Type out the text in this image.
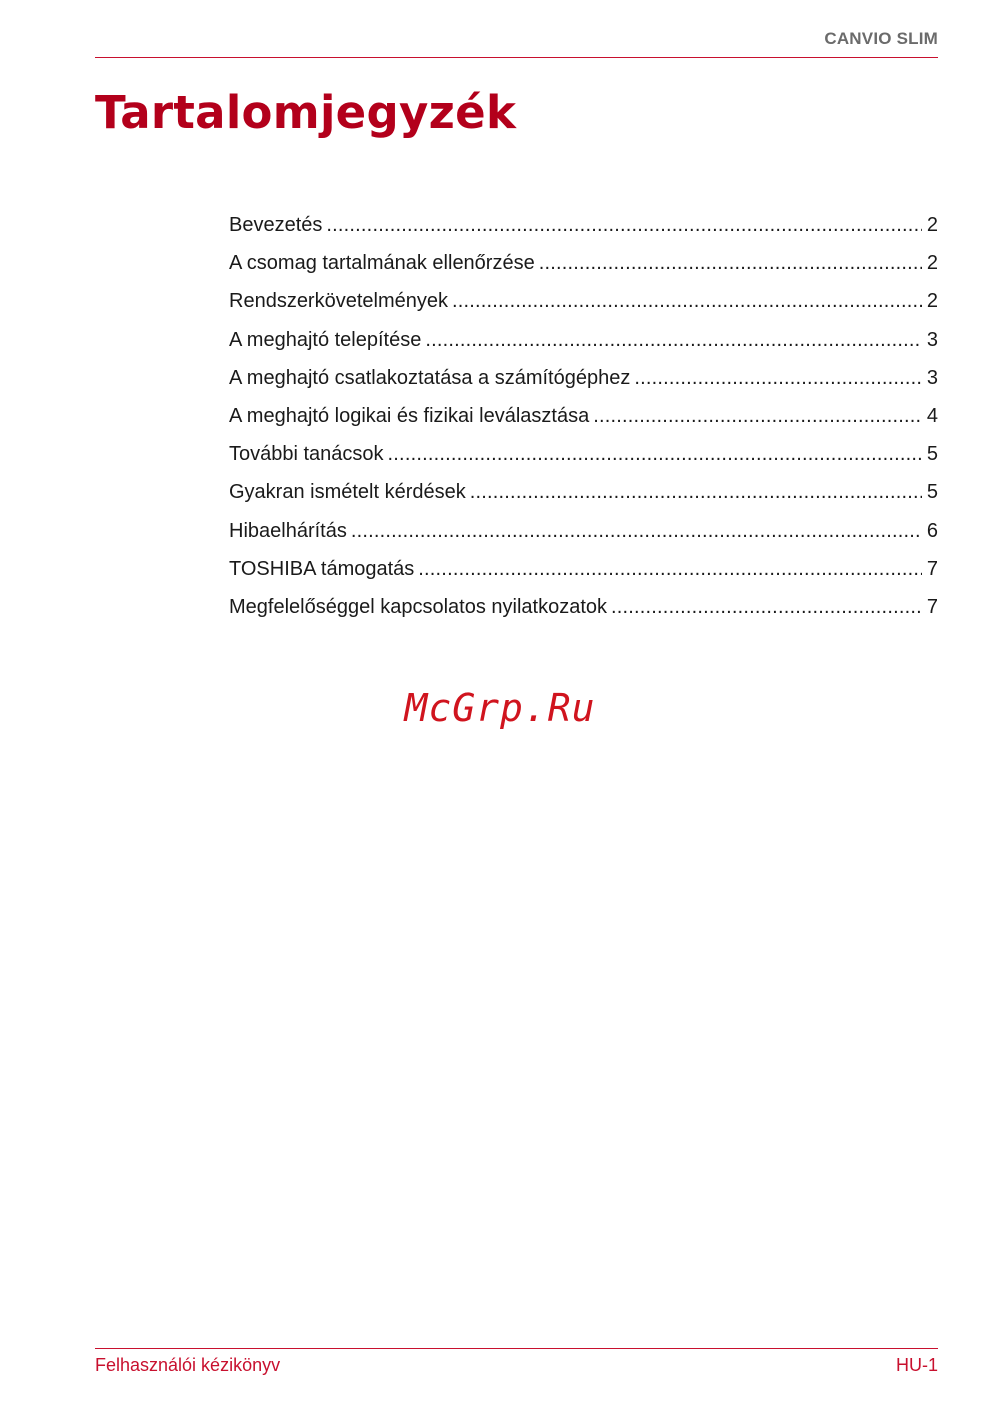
CANVIO SLIM
Tartalomjegyzék
Bevezetés .....	2
A csomag tartalmának ellenőrzése .....	2
Rendszerkövetelmények .....	2
A meghajtó telepítése .....	3
A meghajtó csatlakoztatása a számítógéphez .....	3
A meghajtó logikai és fizikai leválasztása .....	4
További tanácsok .....	5
Gyakran ismételt kérdések .....	5
Hibaelhárítás .....	6
TOSHIBA támogatás .....	7
Megfelelőséggel kapcsolatos nyilatkozatok .....	7
McGrp.Ru
Felhasználói kézikönyv	HU-1
